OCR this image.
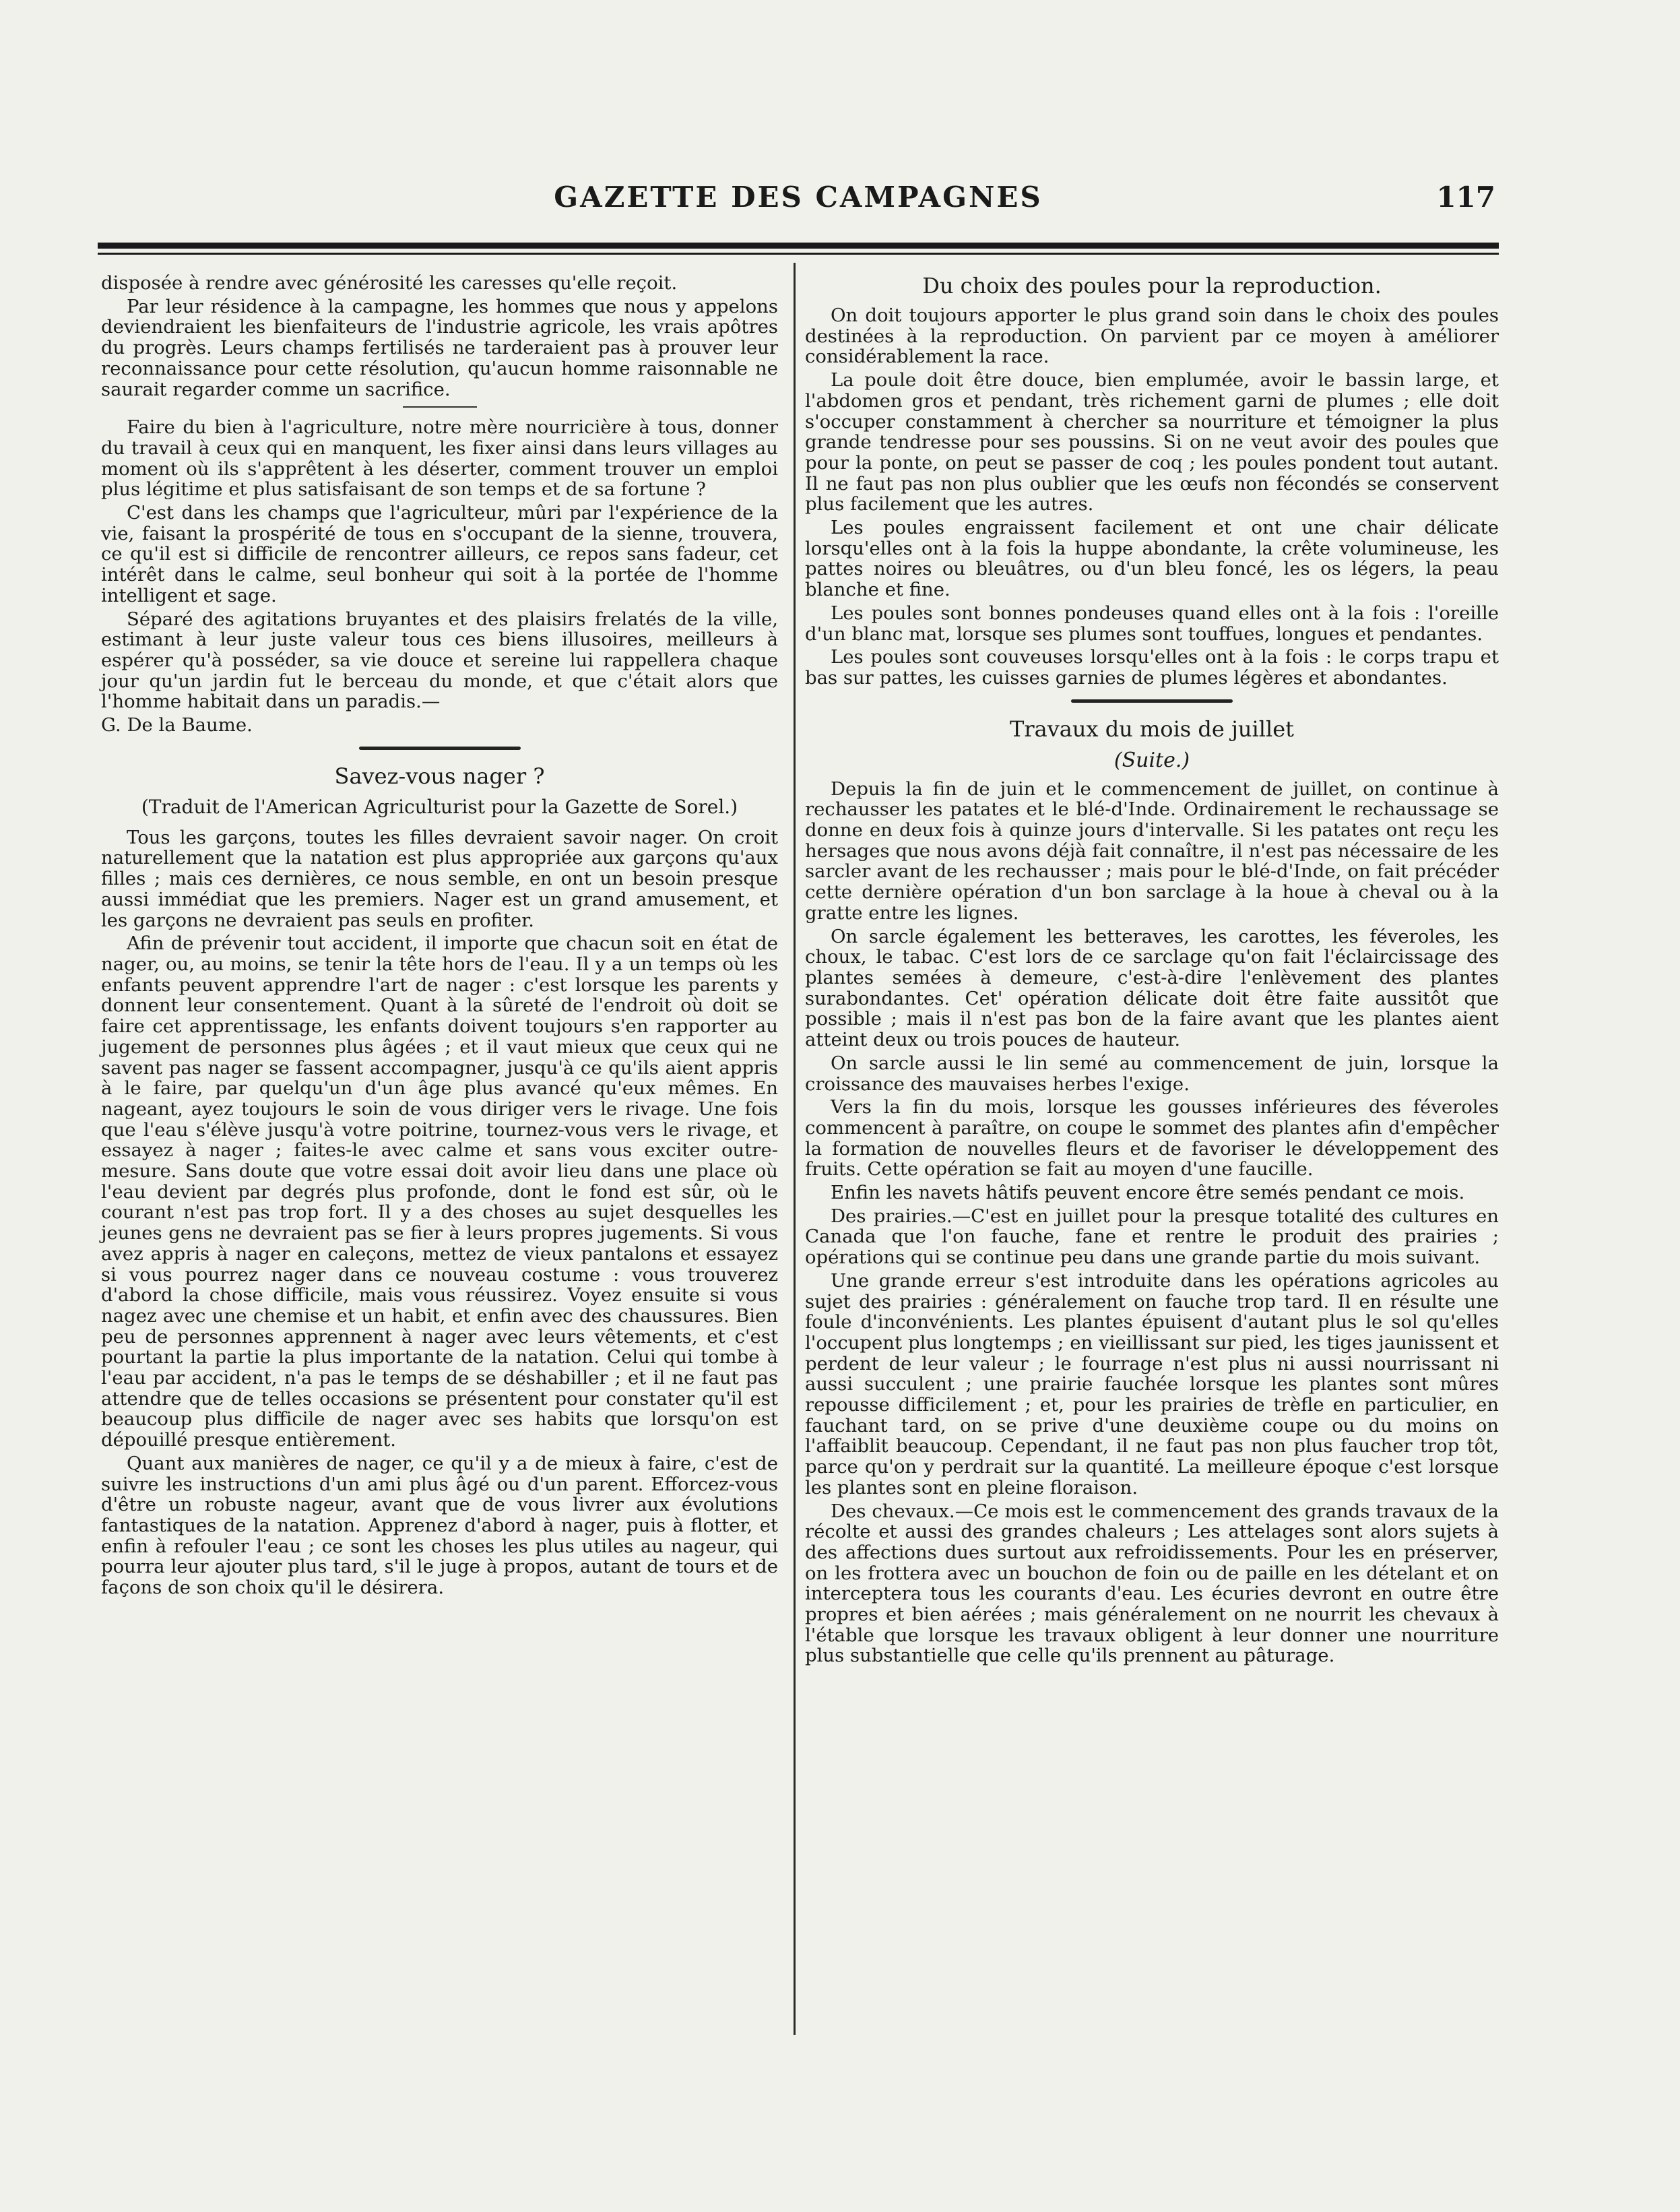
GAZETTE DES CAMPAGNES	117

disposée à rendre avec générosité les caresses qu'elle reçoit.

Par leur résidence à la campagne, les hommes que nous y appelons deviendraient les bienfaiteurs de l'industrie agricole, les vrais apôtres du progrès. Leurs champs fertilisés ne tarderaient pas à prouver leur reconnaissance pour cette résolution, qu'aucun homme raisonnable ne saurait regarder comme un sacrifice.

Faire du bien à l'agriculture, notre mère nourricière à tous, donner du travail à ceux qui en manquent, les fixer ainsi dans leurs villages au moment où ils s'apprêtent à les déserter, comment trouver un emploi plus légitime et plus satisfaisant de son temps et de sa fortune ?

C'est dans les champs que l'agriculteur, mûri par l'expérience de la vie, faisant la prospérité de tous en s'occupant de la sienne, trouvera, ce qu'il est si difficile de rencontrer ailleurs, ce repos sans fadeur, cet intérêt dans le calme, seul bonheur qui soit à la portée de l'homme intelligent et sage.

Séparé des agitations bruyantes et des plaisirs frelatés de la ville, estimant à leur juste valeur tous ces biens illusoires, meilleurs à espérer qu'à posséder, sa vie douce et sereine lui rappellera chaque jour qu'un jardin fut le berceau du monde, et que c'était alors que l'homme habitait dans un paradis.—

G. De la Baume.

Savez-vous nager ?
(Traduit de l'American Agriculturist pour la Gazette de Sorel.)

Tous les garçons, toutes les filles devraient savoir nager. On croit naturellement que la natation est plus appropriée aux garçons qu'aux filles ; mais ces dernières, ce nous semble, en ont un besoin presque aussi immédiat que les premiers. Nager est un grand amusement, et les garçons ne devraient pas seuls en profiter.

Afin de prévenir tout accident, il importe que chacun soit en état de nager, ou, au moins, se tenir la tête hors de l'eau. Il y a un temps où les enfants peuvent apprendre l'art de nager : c'est lorsque les parents y donnent leur consentement. Quant à la sûreté de l'endroit où doit se faire cet apprentissage, les enfants doivent toujours s'en rapporter au jugement de personnes plus âgées ; et il vaut mieux que ceux qui ne savent pas nager se fassent accompagner, jusqu'à ce qu'ils aient appris à le faire, par quelqu'un d'un âge plus avancé qu'eux mêmes. En nageant, ayez toujours le soin de vous diriger vers le rivage. Une fois que l'eau s'élève jusqu'à votre poitrine, tournez-vous vers le rivage, et essayez à nager ; faites-le avec calme et sans vous exciter outre-mesure. Sans doute que votre essai doit avoir lieu dans une place où l'eau devient par degrés plus profonde, dont le fond est sûr, où le courant n'est pas trop fort. Il y a des choses au sujet desquelles les jeunes gens ne devraient pas se fier à leurs propres jugements. Si vous avez appris à nager en caleçons, mettez de vieux pantalons et essayez si vous pourrez nager dans ce nouveau costume : vous trouverez d'abord la chose difficile, mais vous réussirez. Voyez ensuite si vous nagez avec une chemise et un habit, et enfin avec des chaussures. Bien peu de personnes apprennent à nager avec leurs vêtements, et c'est pourtant la partie la plus importante de la natation. Celui qui tombe à l'eau par accident, n'a pas le temps de se déshabiller ; et il ne faut pas attendre que de telles occasions se présentent pour constater qu'il est beaucoup plus difficile de nager avec ses habits que lorsqu'on est dépouillé presque entièrement.

Quant aux manières de nager, ce qu'il y a de mieux à faire, c'est de suivre les instructions d'un ami plus âgé ou d'un parent. Efforcez-vous d'être un robuste nageur, avant que de vous livrer aux évolutions fantastiques de la natation. Apprenez d'abord à nager, puis à flotter, et enfin à refouler l'eau ; ce sont les choses les plus utiles au nageur, qui pourra leur ajouter plus tard, s'il le juge à propos, autant de tours et de façons de son choix qu'il le désirera.

Du choix des poules pour la reproduction.

On doit toujours apporter le plus grand soin dans le choix des poules destinées à la reproduction. On parvient par ce moyen à améliorer considérablement la race.

La poule doit être douce, bien emplumée, avoir le bassin large, et l'abdomen gros et pendant, très richement garni de plumes ; elle doit s'occuper constamment à chercher sa nourriture et témoigner la plus grande tendresse pour ses poussins. Si on ne veut avoir des poules que pour la ponte, on peut se passer de coq ; les poules pondent tout autant. Il ne faut pas non plus oublier que les œufs non fécondés se conservent plus facilement que les autres.

Les poules engraissent facilement et ont une chair délicate lorsqu'elles ont à la fois la huppe abondante, la crête volumineuse, les pattes noires ou bleuâtres, ou d'un bleu foncé, les os légers, la peau blanche et fine.

Les poules sont bonnes pondeuses quand elles ont à la fois : l'oreille d'un blanc mat, lorsque ses plumes sont touffues, longues et pendantes.

Les poules sont couveuses lorsqu'elles ont à la fois : le corps trapu et bas sur pattes, les cuisses garnies de plumes légères et abondantes.

Travaux du mois de juillet
(Suite.)

Depuis la fin de juin et le commencement de juillet, on continue à rechausser les patates et le blé-d'Inde. Ordinairement le rechaussage se donne en deux fois à quinze jours d'intervalle. Si les patates ont reçu les hersages que nous avons déjà fait connaître, il n'est pas nécessaire de les sarcler avant de les rechausser ; mais pour le blé-d'Inde, on fait précéder cette dernière opération d'un bon sarclage à la houe à cheval ou à la gratte entre les lignes.

On sarcle également les betteraves, les carottes, les féveroles, les choux, le tabac. C'est lors de ce sarclage qu'on fait l'éclaircissage des plantes semées à demeure, c'est-à-dire l'enlèvement des plantes surabondantes. Cet' opération délicate doit être faite aussitôt que possible ; mais il n'est pas bon de la faire avant que les plantes aient atteint deux ou trois pouces de hauteur.

On sarcle aussi le lin semé au commencement de juin, lorsque la croissance des mauvaises herbes l'exige.

Vers la fin du mois, lorsque les gousses inférieures des féveroles commencent à paraître, on coupe le sommet des plantes afin d'empêcher la formation de nouvelles fleurs et de favoriser le développement des fruits. Cette opération se fait au moyen d'une faucille.

Enfin les navets hâtifs peuvent encore être semés pendant ce mois.

Des prairies.—C'est en juillet pour la presque totalité des cultures en Canada que l'on fauche, fane et rentre le produit des prairies ; opérations qui se continue peu dans une grande partie du mois suivant.

Une grande erreur s'est introduite dans les opérations agricoles au sujet des prairies : généralement on fauche trop tard. Il en résulte une foule d'inconvénients. Les plantes épuisent d'autant plus le sol qu'elles l'occupent plus longtemps ; en vieillissant sur pied, les tiges jaunissent et perdent de leur valeur ; le fourrage n'est plus ni aussi nourrissant ni aussi succulent ; une prairie fauchée lorsque les plantes sont mûres repousse difficilement ; et, pour les prairies de trèfle en particulier, en fauchant tard, on se prive d'une deuxième coupe ou du moins on l'affaiblit beaucoup. Cependant, il ne faut pas non plus faucher trop tôt, parce qu'on y perdrait sur la quantité. La meilleure époque c'est lorsque les plantes sont en pleine floraison.

Des chevaux.—Ce mois est le commencement des grands travaux de la récolte et aussi des grandes chaleurs ; Les attelages sont alors sujets à des affections dues surtout aux refroidissements. Pour les en préserver, on les frottera avec un bouchon de foin ou de paille en les dételant et on interceptera tous les courants d'eau. Les écuries devront en outre être propres et bien aérées ; mais généralement on ne nourrit les chevaux à l'étable que lorsque les travaux obligent à leur donner une nourriture plus substantielle que celle qu'ils prennent au pâturage.
